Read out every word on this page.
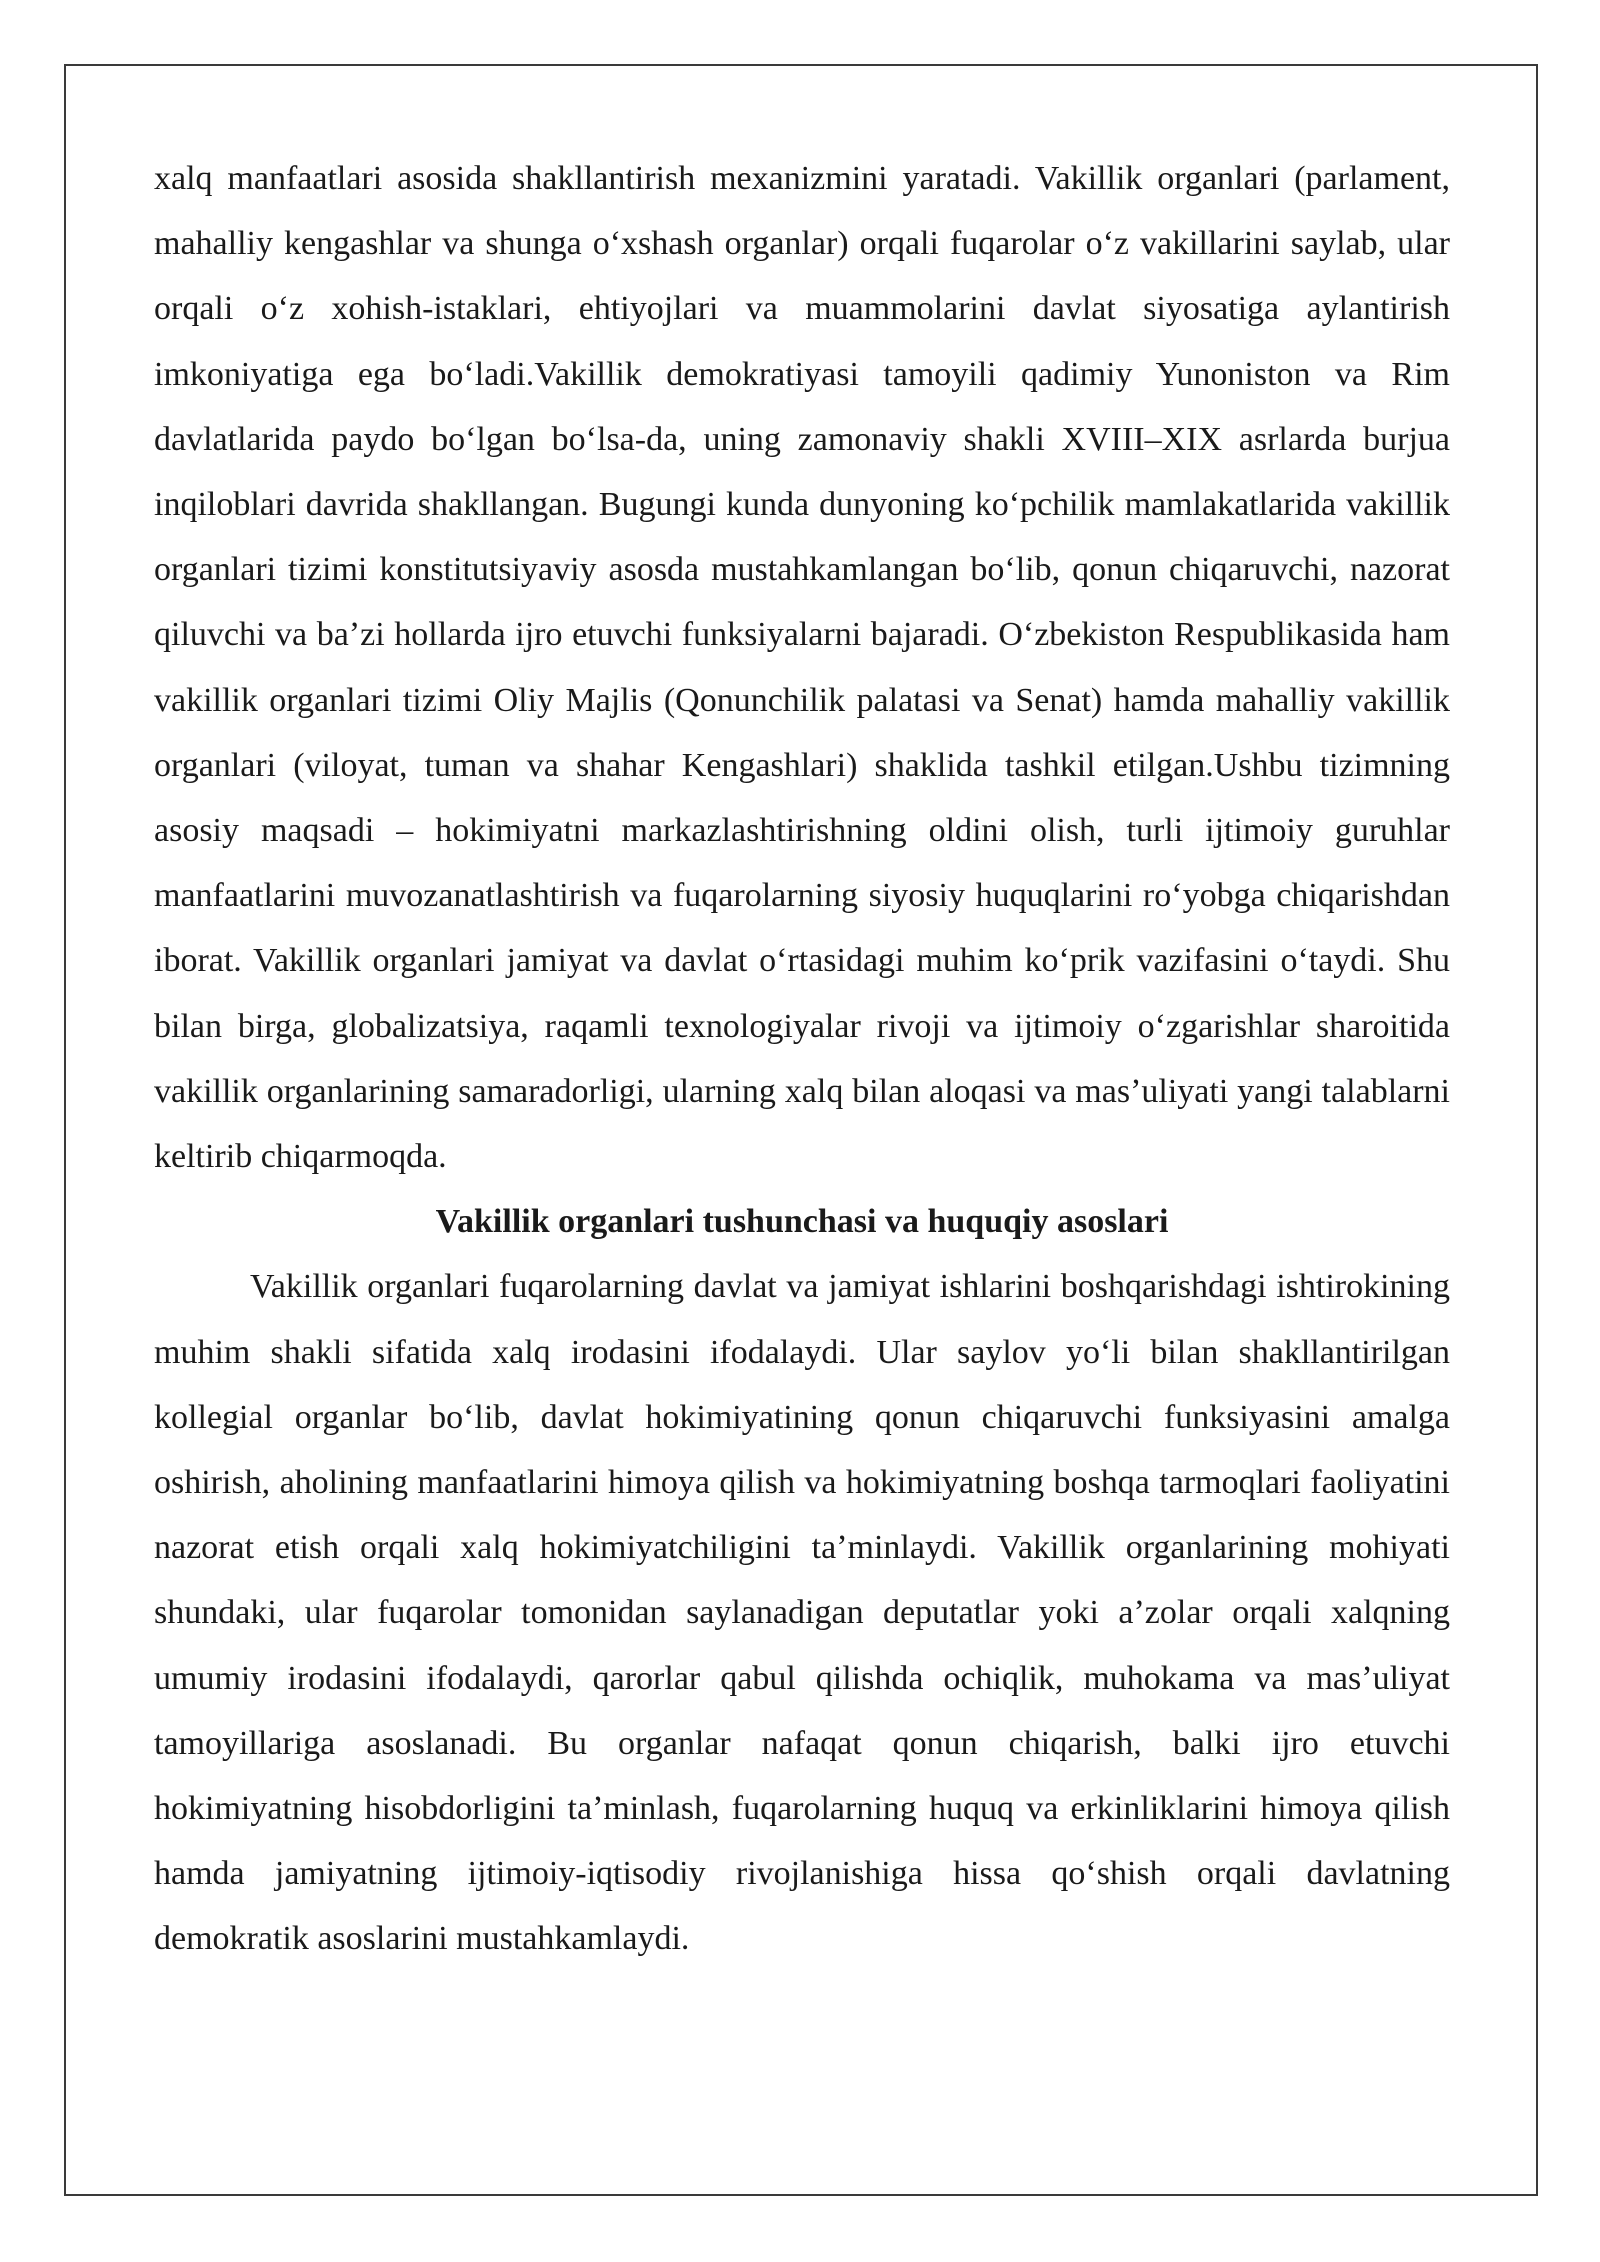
xalq manfaatlari asosida shakllantirish mexanizmini yaratadi. Vakillik organlari (parlament, mahalliy kengashlar va shunga oʻxshash organlar) orqali fuqarolar oʻz vakillarini saylab, ular orqali oʻz xohish-istaklari, ehtiyojlari va muammolarini davlat siyosatiga aylantirish imkoniyatiga ega boʻladi.Vakillik demokratiyasi tamoyili qadimiy Yunoniston va Rim davlatlarida paydo boʻlgan boʻlsa-da, uning zamonaviy shakli XVIII–XIX asrlarda burjua inqiloblari davrida shakllangan. Bugungi kunda dunyoning koʻpchilik mamlakatlarida vakillik organlari tizimi konstitutsiyaviy asosda mustahkamlangan boʻlib, qonun chiqaruvchi, nazorat qiluvchi va baʼzi hollarda ijro etuvchi funksiyalarni bajaradi. Oʻzbekiston Respublikasida ham vakillik organlari tizimi Oliy Majlis (Qonunchilik palatasi va Senat) hamda mahalliy vakillik organlari (viloyat, tuman va shahar Kengashlari) shaklida tashkil etilgan.Ushbu tizimning asosiy maqsadi – hokimiyatni markazlashtirishning oldini olish, turli ijtimoiy guruhlar manfaatlarini muvozanatlashtirish va fuqarolarning siyosiy huquqlarini roʻyobga chiqarishdan iborat. Vakillik organlari jamiyat va davlat oʻrtasidagi muhim koʻprik vazifasini oʻtaydi. Shu bilan birga, globalizatsiya, raqamli texnologiyalar rivoji va ijtimoiy oʻzgarishlar sharoitida vakillik organlarining samaradorligi, ularning xalq bilan aloqasi va masʼuliyati yangi talablarni keltirib chiqarmoqda.

Vakillik organlari tushunchasi va huquqiy asoslari

Vakillik organlari fuqarolarning davlat va jamiyat ishlarini boshqarishdagi ishtirokining muhim shakli sifatida xalq irodasini ifodalaydi. Ular saylov yoʻli bilan shakllantirilgan kollegial organlar boʻlib, davlat hokimiyatining qonun chiqaruvchi funksiyasini amalga oshirish, aholining manfaatlarini himoya qilish va hokimiyatning boshqa tarmoqlari faoliyatini nazorat etish orqali xalq hokimiyatchiligini taʼminlaydi. Vakillik organlarining mohiyati shundaki, ular fuqarolar tomonidan saylanadigan deputatlar yoki aʼzolar orqali xalqning umumiy irodasini ifodalaydi, qarorlar qabul qilishda ochiqlik, muhokama va masʼuliyat tamoyillariga asoslanadi. Bu organlar nafaqat qonun chiqarish, balki ijro etuvchi hokimiyatning hisobdorligini taʼminlash, fuqarolarning huquq va erkinliklarini himoya qilish hamda jamiyatning ijtimoiy-iqtisodiy rivojlanishiga hissa qoʻshish orqali davlatning demokratik asoslarini mustahkamlaydi.
